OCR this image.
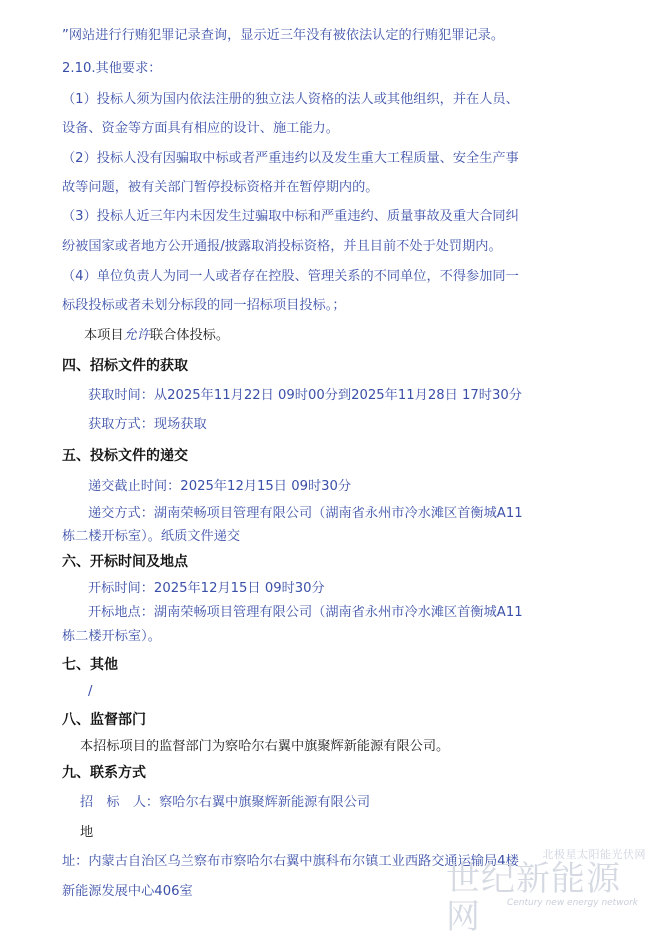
”网站进行行贿犯罪记录查询，显示近三年没有被依法认定的行贿犯罪记录。
2.10.其他要求：
（1）投标人须为国内依法注册的独立法人资格的法人或其他组织，并在人员、
设备、资金等方面具有相应的设计、施工能力。
（2）投标人没有因骗取中标或者严重违约以及发生重大工程质量、安全生产事
故等问题，被有关部门暂停投标资格并在暂停期内的。
（3）投标人近三年内未因发生过骗取中标和严重违约、质量事故及重大合同纠
纷被国家或者地方公开通报/披露取消投标资格，并且目前不处于处罚期内。
（4）单位负责人为同一人或者存在控股、管理关系的不同单位，不得参加同一
标段投标或者未划分标段的同一招标项目投标。；
本项目允许联合体投标。
四、招标文件的获取
获取时间：从2025年11月22日 09时00分到2025年11月28日 17时30分
获取方式：现场获取
五、投标文件的递交
递交截止时间：2025年12月15日 09时30分
递交方式：湖南荣畅项目管理有限公司（湖南省永州市冷水滩区首衡城A11
栋二楼开标室）。纸质文件递交
六、开标时间及地点
开标时间：2025年12月15日 09时30分
开标地点：湖南荣畅项目管理有限公司（湖南省永州市冷水滩区首衡城A11
栋二楼开标室）。
七、其他
/
八、监督部门
本招标项目的监督部门为察哈尔右翼中旗聚辉新能源有限公司。
九、联系方式
招　标　人：察哈尔右翼中旗聚辉新能源有限公司
地
址：内蒙古自治区乌兰察布市察哈尔右翼中旗科布尔镇工业西路交通运输局4楼
新能源发展中心406室
北极星太阳能光伏网
世纪新能源网	Century new energy network
